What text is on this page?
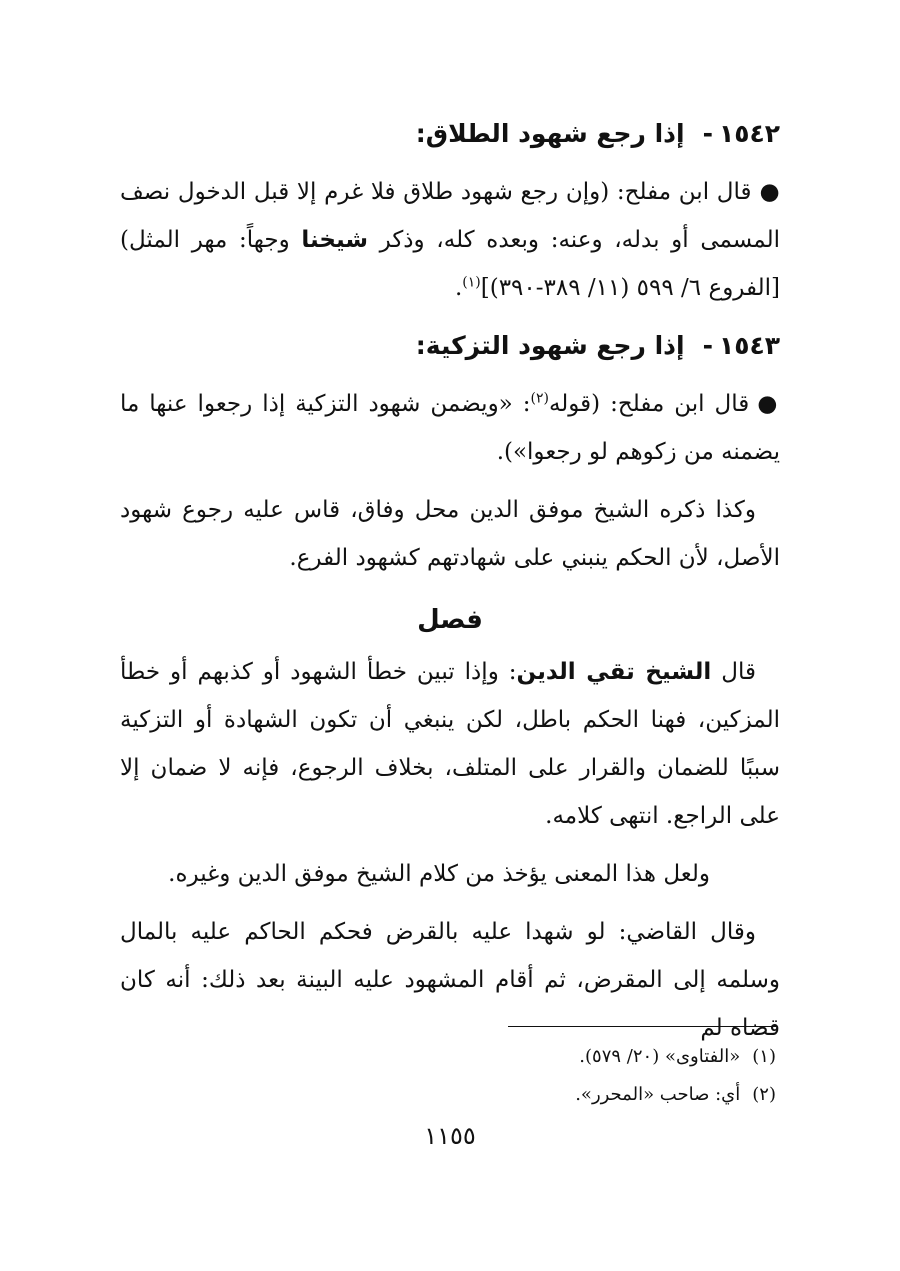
١٥٤٢-إذا رجع شهود الطلاق:

●قال ابن مفلح: (وإن رجع شهود طلاق فلا غرم إلا قبل الدخول نصف المسمى أو بدله، وعنه: وبعده كله، وذكر شيخنا وجهاً: مهر المثل) [الفروع ٦/ ٥٩٩ (١١/ ٣٨٩-٣٩٠)]$^{(١)}$.

١٥٤٣-إذا رجع شهود التزكية:

●قال ابن مفلح: (قوله$^{(٢)}$: «ويضمن شهود التزكية إذا رجعوا عنها ما يضمنه من زكوهم لو رجعوا»).

وكذا ذكره الشيخ موفق الدين محل وفاق، قاس عليه رجوع شهود الأصل، لأن الحكم ينبني على شهادتهم كشهود الفرع.

فصل

قال الشيخ تقي الدين: وإذا تبين خطأ الشهود أو كذبهم أو خطأ المزكين، فهنا الحكم باطل، لكن ينبغي أن تكون الشهادة أو التزكية سببًا للضمان والقرار على المتلف، بخلاف الرجوع، فإنه لا ضمان إلا على الراجع. انتهى كلامه.

ولعل هذا المعنى يؤخذ من كلام الشيخ موفق الدين وغيره.

وقال القاضي: لو شهدا عليه بالقرض فحكم الحاكم عليه بالمال وسلمه إلى المقرض، ثم أقام المشهود عليه البينة بعد ذلك: أنه كان قضاه لم

(١)«الفتاوى» (٢٠/ ٥٧٩).

(٢)أي: صاحب «المحرر».

١١٥٥
